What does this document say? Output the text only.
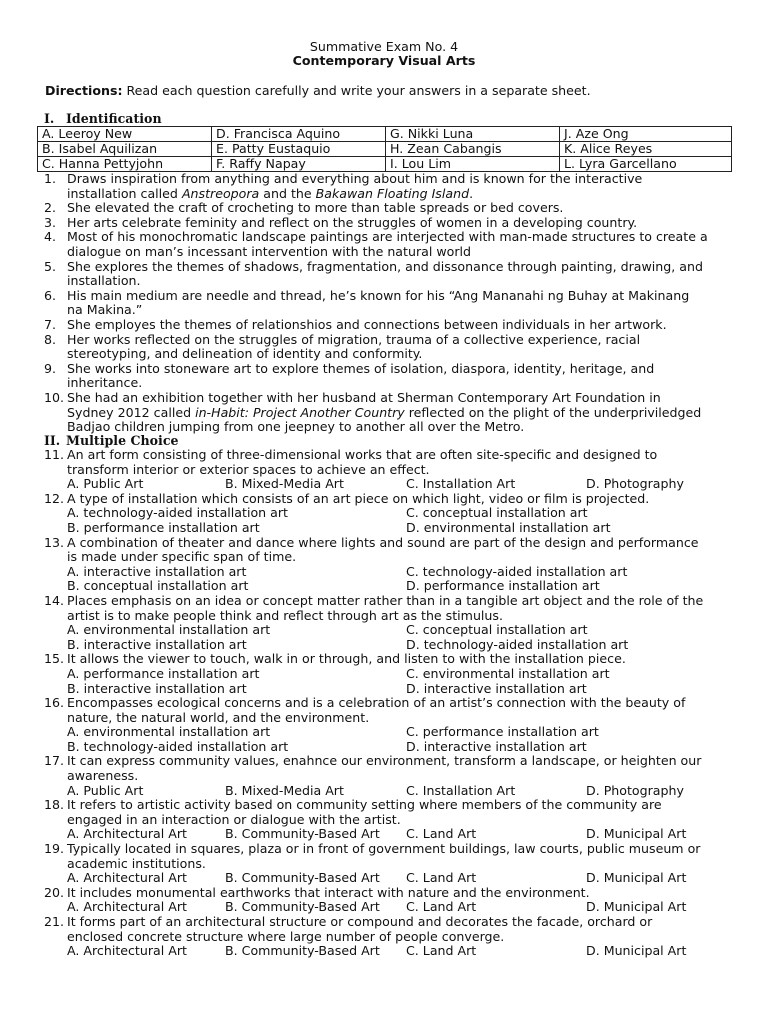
Summative Exam No. 4
Contemporary Visual Arts
Directions: Read each question carefully and write your answers in a separate sheet.
I. Identification
A. Leeroy New	D. Francisca Aquino	G. Nikki Luna	J. Aze Ong
B. Isabel Aquilizan	E. Patty Eustaquio	H. Zean Cabangis	K. Alice Reyes
C. Hanna Pettyjohn	F. Raffy Napay	I. Lou Lim	L. Lyra Garcellano
1. Draws inspiration from anything and everything about him and is known for the interactive installation called Anstreopora and the Bakawan Floating Island.
2. She elevated the craft of crocheting to more than table spreads or bed covers.
3. Her arts celebrate feminity and reflect on the struggles of women in a developing country.
4. Most of his monochromatic landscape paintings are interjected with man-made structures to create a dialogue on man’s incessant intervention with the natural world
5. She explores the themes of shadows, fragmentation, and dissonance through painting, drawing, and installation.
6. His main medium are needle and thread, he’s known for his “Ang Mananahi ng Buhay at Makinang na Makina.”
7. She employes the themes of relationshios and connections between individuals in her artwork.
8. Her works reflected on the struggles of migration, trauma of a collective experience, racial stereotyping, and delineation of identity and conformity.
9. She works into stoneware art to explore themes of isolation, diaspora, identity, heritage, and inheritance.
10. She had an exhibition together with her husband at Sherman Contemporary Art Foundation in Sydney 2012 called in-Habit: Project Another Country reflected on the plight of the underpriviledged Badjao children jumping from one jeepney to another all over the Metro.
II. Multiple Choice
11. An art form consisting of three-dimensional works that are often site-specific and designed to transform interior or exterior spaces to achieve an effect.
A. Public Art	B. Mixed-Media Art	C. Installation Art	D. Photography
12. A type of installation which consists of an art piece on which light, video or film is projected.
A. technology-aided installation art	C. conceptual installation art
B. performance installation art	D. environmental installation art
13. A combination of theater and dance where lights and sound are part of the design and performance is made under specific span of time.
A. interactive installation art	C. technology-aided installation art
B. conceptual installation art	D. performance installation art
14. Places emphasis on an idea or concept matter rather than in a tangible art object and the role of the artist is to make people think and reflect through art as the stimulus.
A. environmental installation art	C. conceptual installation art
B. interactive installation art	D. technology-aided installation art
15. It allows the viewer to touch, walk in or through, and listen to with the installation piece.
A. performance installation art	C. environmental installation art
B. interactive installation art	D. interactive installation art
16. Encompasses ecological concerns and is a celebration of an artist’s connection with the beauty of nature, the natural world, and the environment.
A. environmental installation art	C. performance installation art
B. technology-aided installation art	D. interactive installation art
17. It can express community values, enahnce our environment, transform a landscape, or heighten our awareness.
A. Public Art	B. Mixed-Media Art	C. Installation Art	D. Photography
18. It refers to artistic activity based on community setting where members of the community are engaged in an interaction or dialogue with the artist.
A. Architectural Art	B. Community-Based Art C. Land Art	D. Municipal Art
19. Typically located in squares, plaza or in front of government buildings, law courts, public museum or academic institutions.
A. Architectural Art	B. Community-Based Art C. Land Art	D. Municipal Art
20. It includes monumental earthworks that interact with nature and the environment.
A. Architectural Art	B. Community-Based Art C. Land Art	D. Municipal Art
21. It forms part of an architectural structure or compound and decorates the facade, orchard or enclosed concrete structure where large number of people converge.
A. Architectural Art	B. Community-Based Art C. Land Art	D. Municipal Art
